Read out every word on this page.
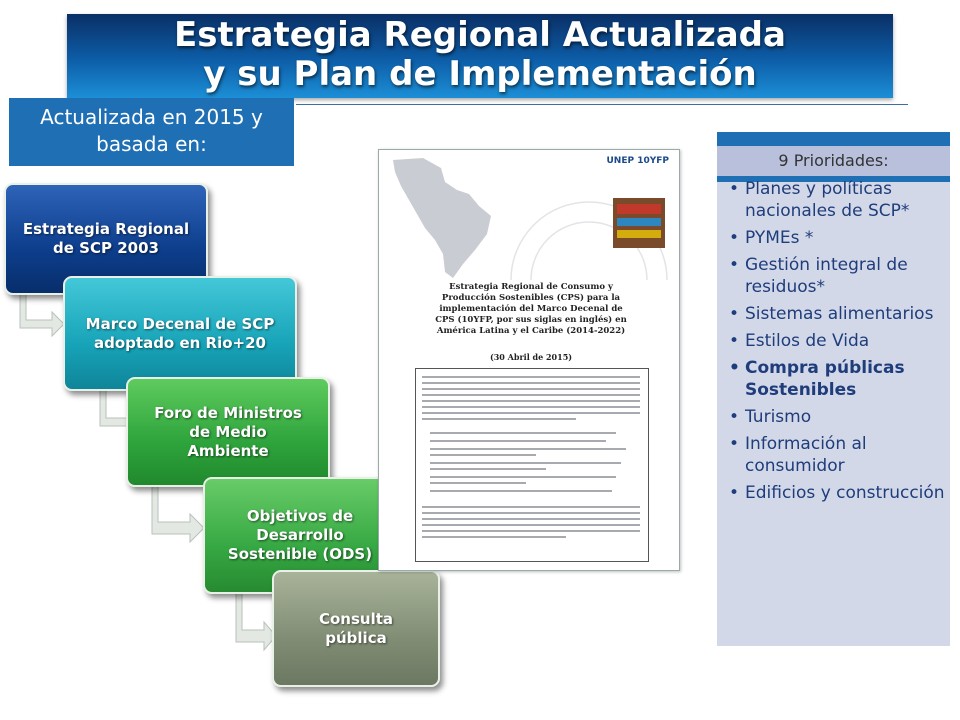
Estrategia Regional Actualizada
y su Plan de Implementación
Actualizada en 2015 y
basada en:
Estrategia Regional
de SCP 2003
Marco Decenal de SCP
adoptado en Rio+20
Foro de Ministros
de Medio
Ambiente
Objetivos de
Desarrollo
Sostenible (ODS)
Consulta
pública
UNEP 10YFP
Estrategia Regional de Consumo y Producción Sostenibles (CPS) para la implementación del Marco Decenal de CPS (10YFP, por sus siglas en inglés) en América Latina y el Caribe (2014-2022)
(30 Abril de 2015)
9 Prioridades:
• Planes y políticas nacionales de SCP*
• PYMEs *
• Gestión integral de residuos*
• Sistemas alimentarios
• Estilos de Vida
• Compra públicas Sostenibles
• Turismo
• Información al consumidor
• Edificios y construcción
